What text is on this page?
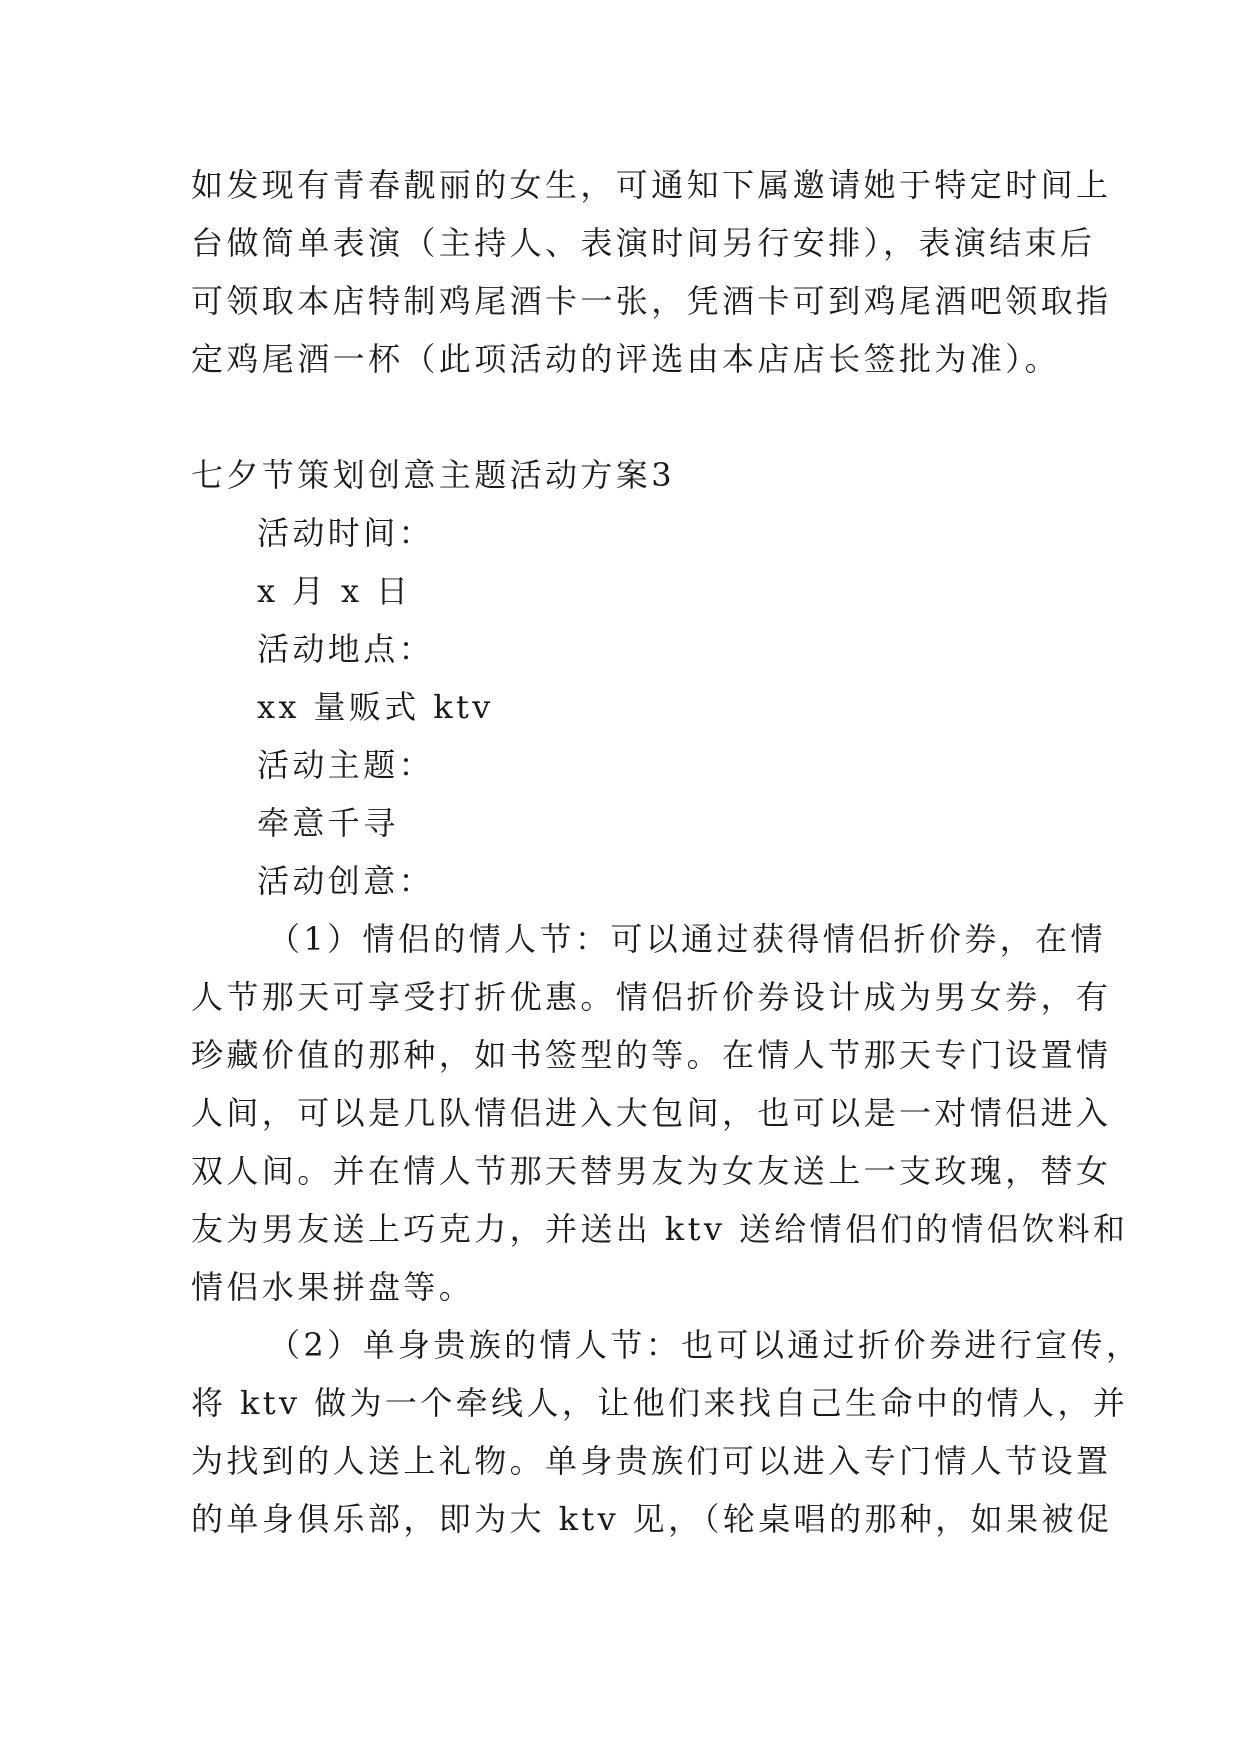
如发现有青春靓丽的女生，可通知下属邀请她于特定时间上
台做简单表演（主持人、表演时间另行安排），表演结束后
可领取本店特制鸡尾酒卡一张，凭酒卡可到鸡尾酒吧领取指
定鸡尾酒一杯（此项活动的评选由本店店长签批为准）。
七夕节策划创意主题活动方案3
活动时间：
x 月 x 日
活动地点：
xx 量贩式 ktv
活动主题：
牵意千寻
活动创意：
（1）情侣的情人节：可以通过获得情侣折价券，在情
人节那天可享受打折优惠。情侣折价券设计成为男女券，有
珍藏价值的那种，如书签型的等。在情人节那天专门设置情
人间，可以是几队情侣进入大包间，也可以是一对情侣进入
双人间。并在情人节那天替男友为女友送上一支玫瑰，替女
友为男友送上巧克力，并送出 ktv 送给情侣们的情侣饮料和
情侣水果拼盘等。
（2）单身贵族的情人节：也可以通过折价券进行宣传，
将 ktv 做为一个牵线人，让他们来找自己生命中的情人，并
为找到的人送上礼物。单身贵族们可以进入专门情人节设置
的单身俱乐部，即为大 ktv 见，（轮桌唱的那种，如果被促
